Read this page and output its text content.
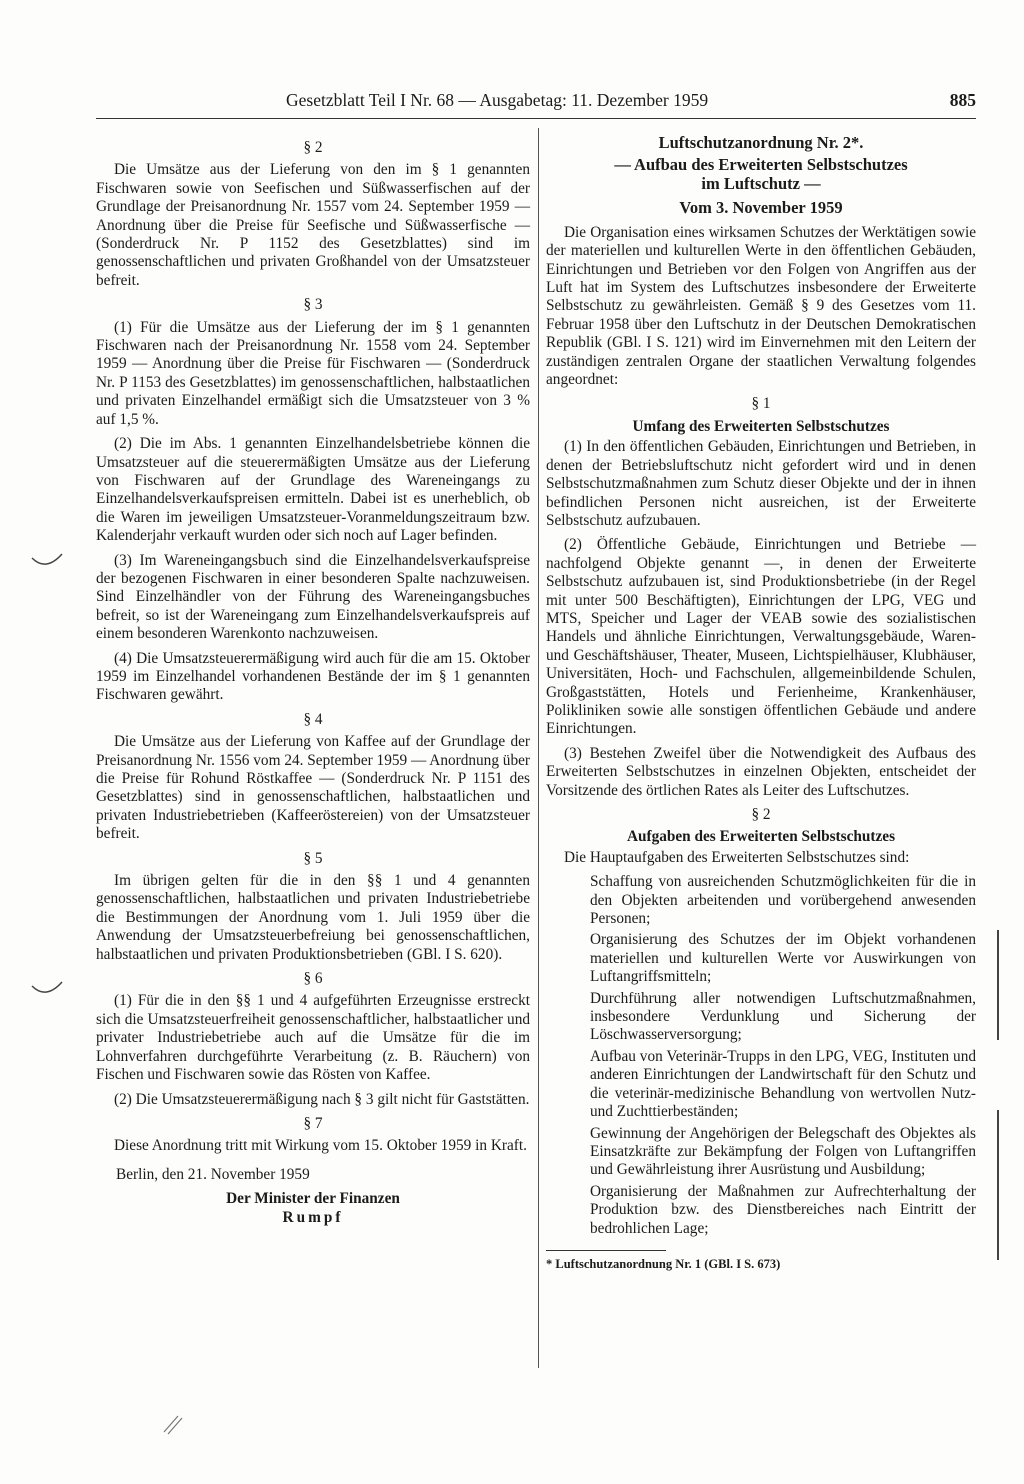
Gesetzblatt Teil I Nr. 68 — Ausgabetag: 11. Dezember 1959	885
§ 2

Die Umsätze aus der Lieferung von den im § 1 genannten Fischwaren sowie von Seefischen und Süßwasserfischen auf der Grundlage der Preisanordnung Nr. 1557 vom 24. September 1959 — Anordnung über die Preise für Seefische und Süßwasserfische — (Sonderdruck Nr. P 1152 des Gesetzblattes) sind im genossenschaftlichen und privaten Großhandel von der Umsatzsteuer befreit.

§ 3

(1) Für die Umsätze aus der Lieferung der im § 1 genannten Fischwaren nach der Preisanordnung Nr. 1558 vom 24. September 1959 — Anordnung über die Preise für Fischwaren — (Sonderdruck Nr. P 1153 des Gesetzblattes) im genossenschaftlichen, halbstaatlichen und privaten Einzelhandel ermäßigt sich die Umsatzsteuer von 3 % auf 1,5 %.

(2) Die im Abs. 1 genannten Einzelhandelsbetriebe können die Umsatzsteuer auf die steuerermäßigten Umsätze aus der Lieferung von Fischwaren auf der Grundlage des Wareneingangs zu Einzelhandelsverkaufspreisen ermitteln. Dabei ist es unerheblich, ob die Waren im jeweiligen Umsatzsteuer-Voranmeldungszeitraum bzw. Kalenderjahr verkauft wurden oder sich noch auf Lager befinden.

(3) Im Wareneingangsbuch sind die Einzelhandelsverkaufspreise der bezogenen Fischwaren in einer besonderen Spalte nachzuweisen. Sind Einzelhändler von der Führung des Wareneingangsbuches befreit, so ist der Wareneingang zum Einzelhandelsverkaufspreis auf einem besonderen Warenkonto nachzuweisen.

(4) Die Umsatzsteuerermäßigung wird auch für die am 15. Oktober 1959 im Einzelhandel vorhandenen Bestände der im § 1 genannten Fischwaren gewährt.

§ 4

Die Umsätze aus der Lieferung von Kaffee auf der Grundlage der Preisanordnung Nr. 1556 vom 24. September 1959 — Anordnung über die Preise für Rohund Röstkaffee — (Sonderdruck Nr. P 1151 des Gesetzblattes) sind in genossenschaftlichen, halbstaatlichen und privaten Industriebetrieben (Kaffeeröstereien) von der Umsatzsteuer befreit.

§ 5

Im übrigen gelten für die in den §§ 1 und 4 genannten genossenschaftlichen, halbstaatlichen und privaten Industriebetriebe die Bestimmungen der Anordnung vom 1. Juli 1959 über die Anwendung der Umsatzsteuerbefreiung bei genossenschaftlichen, halbstaatlichen und privaten Produktionsbetrieben (GBl. I S. 620).

§ 6

(1) Für die in den §§ 1 und 4 aufgeführten Erzeugnisse erstreckt sich die Umsatzsteuerfreiheit genossenschaftlicher, halbstaatlicher und privater Industriebetriebe auch auf die Umsätze für die im Lohnverfahren durchgeführte Verarbeitung (z. B. Räuchern) von Fischen und Fischwaren sowie das Rösten von Kaffee.

(2) Die Umsatzsteuerermäßigung nach § 3 gilt nicht für Gaststätten.

§ 7

Diese Anordnung tritt mit Wirkung vom 15. Oktober 1959 in Kraft.

Berlin, den 21. November 1959

Der Minister der Finanzen
Rumpf
Luftschutzanordnung Nr. 2*.
— Aufbau des Erweiterten Selbstschutzes
im Luftschutz —
Vom 3. November 1959

Die Organisation eines wirksamen Schutzes der Werktätigen sowie der materiellen und kulturellen Werte in den öffentlichen Gebäuden, Einrichtungen und Betrieben vor den Folgen von Angriffen aus der Luft hat im System des Luftschutzes insbesondere der Erweiterte Selbstschutz zu gewährleisten. Gemäß § 9 des Gesetzes vom 11. Februar 1958 über den Luftschutz in der Deutschen Demokratischen Republik (GBl. I S. 121) wird im Einvernehmen mit den Leitern der zuständigen zentralen Organe der staatlichen Verwaltung folgendes angeordnet:

§ 1
Umfang des Erweiterten Selbstschutzes

(1) In den öffentlichen Gebäuden, Einrichtungen und Betrieben, in denen der Betriebsluftschutz nicht gefordert wird und in denen Selbstschutzmaßnahmen zum Schutz dieser Objekte und der in ihnen befindlichen Personen nicht ausreichen, ist der Erweiterte Selbstschutz aufzubauen.

(2) Öffentliche Gebäude, Einrichtungen und Betriebe — nachfolgend Objekte genannt —, in denen der Erweiterte Selbstschutz aufzubauen ist, sind Produktionsbetriebe (in der Regel mit unter 500 Beschäftigten), Einrichtungen der LPG, VEG und MTS, Speicher und Lager der VEAB sowie des sozialistischen Handels und ähnliche Einrichtungen, Verwaltungsgebäude, Waren- und Geschäftshäuser, Theater, Museen, Lichtspielhäuser, Klubhäuser, Universitäten, Hoch- und Fachschulen, allgemeinbildende Schulen, Großgaststätten, Hotels und Ferienheime, Krankenhäuser, Polikliniken sowie alle sonstigen öffentlichen Gebäude und andere Einrichtungen.

(3) Bestehen Zweifel über die Notwendigkeit des Aufbaus des Erweiterten Selbstschutzes in einzelnen Objekten, entscheidet der Vorsitzende des örtlichen Rates als Leiter des Luftschutzes.

§ 2
Aufgaben des Erweiterten Selbstschutzes

Die Hauptaufgaben des Erweiterten Selbstschutzes sind:

Schaffung von ausreichenden Schutzmöglichkeiten für die in den Objekten arbeitenden und vorübergehend anwesenden Personen;
Organisierung des Schutzes der im Objekt vorhandenen materiellen und kulturellen Werte vor Auswirkungen von Luftangriffsmitteln;
Durchführung aller notwendigen Luftschutzmaßnahmen, insbesondere Verdunklung und Sicherung der Löschwasserversorgung;
Aufbau von Veterinär-Trupps in den LPG, VEG, Instituten und anderen Einrichtungen der Landwirtschaft für den Schutz und die veterinär-medizinische Behandlung von wertvollen Nutz- und Zuchttierbeständen;
Gewinnung der Angehörigen der Belegschaft des Objektes als Einsatzkräfte zur Bekämpfung der Folgen von Luftangriffen und Gewährleistung ihrer Ausrüstung und Ausbildung;
Organisierung der Maßnahmen zur Aufrechterhaltung der Produktion bzw. des Dienstbereiches nach Eintritt der bedrohlichen Lage;
* Luftschutzanordnung Nr. 1 (GBl. I S. 673)
